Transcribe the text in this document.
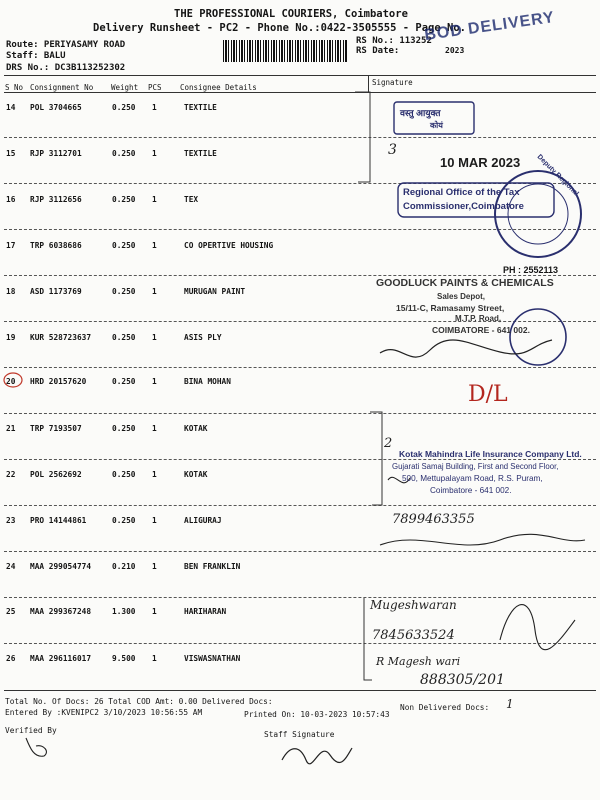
THE PROFESSIONAL COURIERS, Coimbatore
Delivery Runsheet - PC2 - Phone No.:0422-3505555 - Page No.
Route: PERIYASAMY ROAD
Staff: BALU
DRS No.: DC3B113252302
RS No.: 113252
RS Date:	2023
BOD DELIVERY
S No Consignment No Weight PCS Consignee Details
Signature
14 POL 3704665	0.250 1	TEXTILE
15 RJP 3112701	0.250 1	TEXTILE
16 RJP 3112656	0.250 1	TEX
17 TRP 6038686	0.250 1	CO OPERTIVE HOUSING
18 ASD 1173769	0.250 1	MURUGAN PAINT
19 KUR 528723637	0.250 1	ASIS PLY
20 HRD 20157620	0.250 1	BINA MOHAN
21 TRP 7193507	0.250 1	KOTAK
22 POL 2562692	0.250 1	KOTAK
23 PRO 14144861	0.250 1	ALIGURAJ
24 MAA 299054774	0.210 1	BEN FRANKLIN
25 MAA 299367248	1.300 1	HARIHARAN
26 MAA 296116017	9.500 1	VISWASNATHAN
3
वस्तु आयुक्त
कोयं
10 MAR 2023
Regional Office of the Tax
Commissioner,Coimbatore
Deputy Regional
PH : 2552113
GOODLUCK PAINTS & CHEMICALS
Sales Depot,
15/11-C, Ramasamy Street,
M.T.P. Road,
COIMBATORE - 641 002.
D/L
2
Kotak Mahindra Life Insurance Company Ltd.
Gujarati Samaj Building, First and Second Floor,
500, Mettupalayam Road, R.S. Puram,
Coimbatore - 641 002.
7899463355
Mugeshwaran
7845633524
R Magesh wari
888305/201
Total No. Of Docs: 26 Total COD Amt: 0.00 Delivered Docs:
Non Delivered Docs: 1
Entered By :KVENIPC2 3/10/2023 10:56:55 AM	Printed On: 10-03-2023 10:57:43
Verified By	Staff Signature
